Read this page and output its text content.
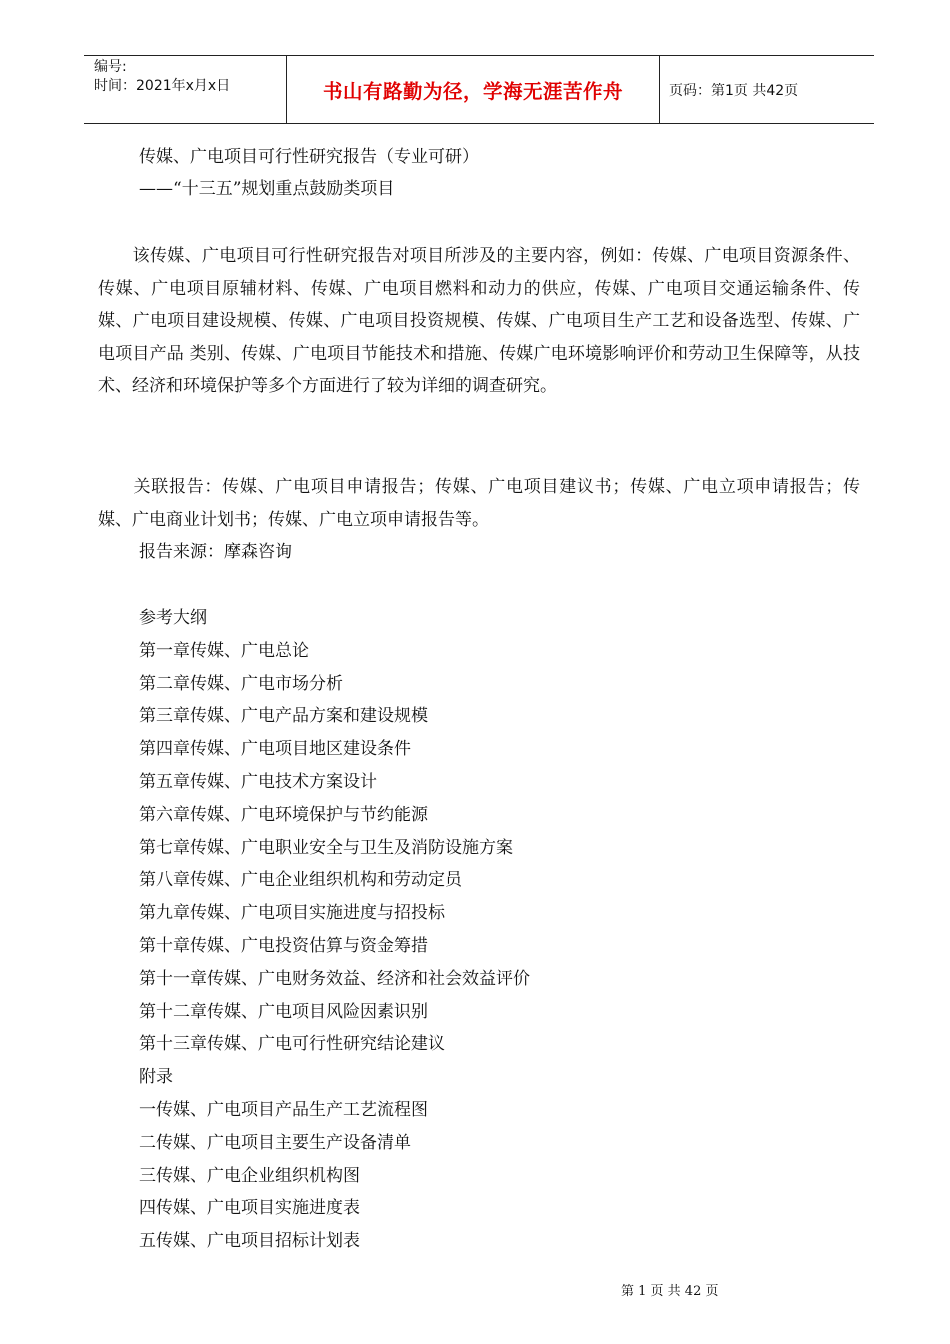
编号:
时间：2021年x月x日	书山有路勤为径，学海无涯苦作舟	页码：第1页 共42页
传媒、广电项目可行性研究报告（专业可研）
——“十三五”规划重点鼓励类项目
　　该传媒、广电项目可行性研究报告对项目所涉及的主要内容，例如：传媒、广电项目资源条件、传媒、广电项目原辅材料、传媒、广电项目燃料和动力的供应，传媒、广电项目交通运输条件、传媒、广电项目建设规模、传媒、广电项目投资规模、传媒、广电项目生产工艺和设备选型、传媒、广电项目产品 类别、传媒、广电项目节能技术和措施、传媒广电环境影响评价和劳动卫生保障等，从技术、经济和环境保护等多个方面进行了较为详细的调查研究。
　　关联报告：传媒、广电项目申请报告；传媒、广电项目建议书；传媒、广电立项申请报告；传媒、广电商业计划书；传媒、广电立项申请报告等。
报告来源：摩森咨询
参考大纲
第一章传媒、广电总论
第二章传媒、广电市场分析
第三章传媒、广电产品方案和建设规模
第四章传媒、广电项目地区建设条件
第五章传媒、广电技术方案设计
第六章传媒、广电环境保护与节约能源
第七章传媒、广电职业安全与卫生及消防设施方案
第八章传媒、广电企业组织机构和劳动定员
第九章传媒、广电项目实施进度与招投标
第十章传媒、广电投资估算与资金筹措
第十一章传媒、广电财务效益、经济和社会效益评价
第十二章传媒、广电项目风险因素识别
第十三章传媒、广电可行性研究结论建议
附录
一传媒、广电项目产品生产工艺流程图
二传媒、广电项目主要生产设备清单
三传媒、广电企业组织机构图
四传媒、广电项目实施进度表
五传媒、广电项目招标计划表
第 1 页 共 42 页
